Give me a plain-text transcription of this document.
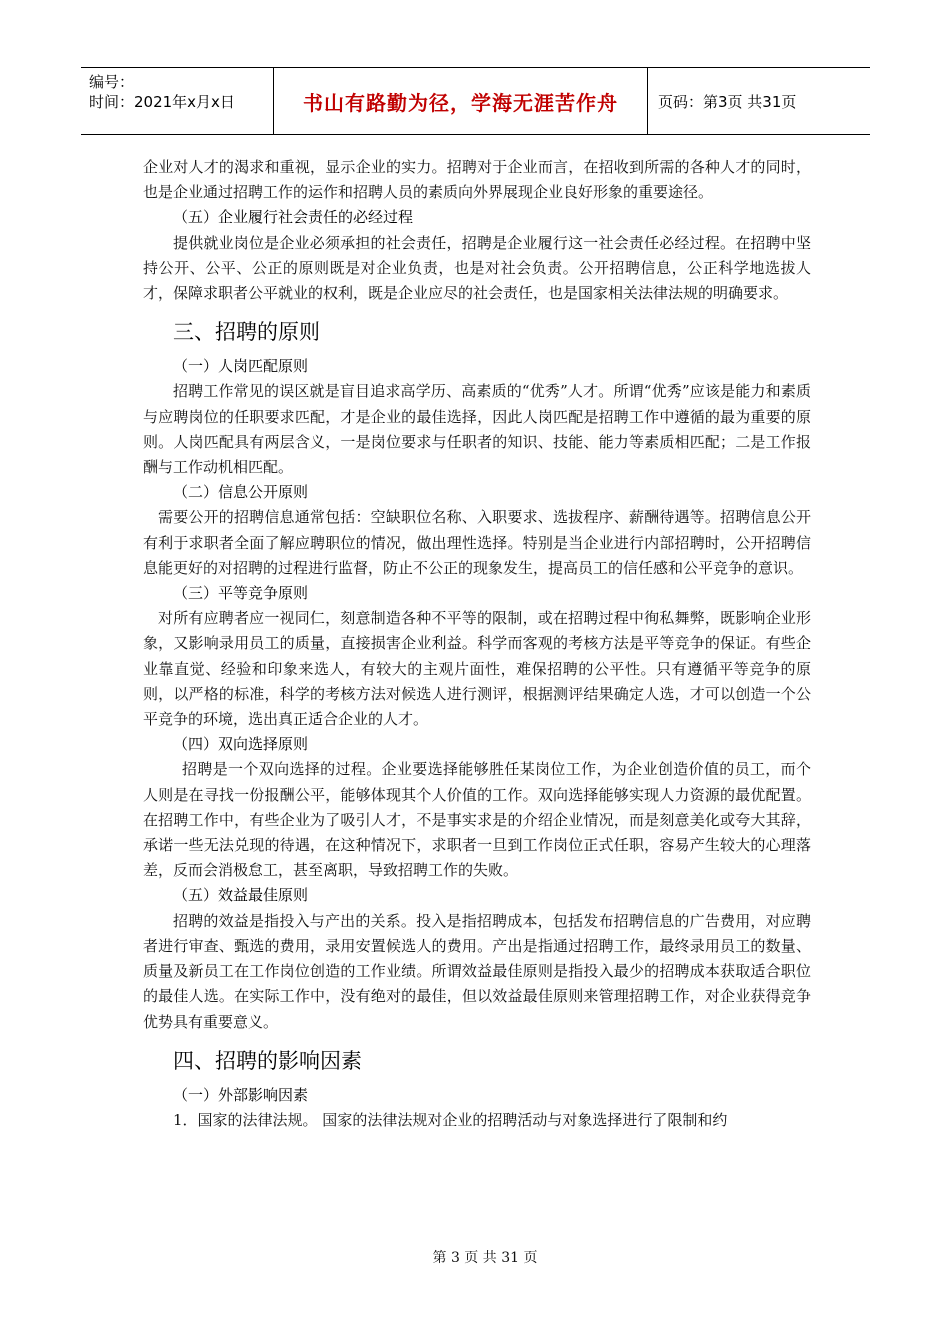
编号：
时间：2021年x月x日	书山有路勤为径，学海无涯苦作舟	页码：第3页 共31页

企业对人才的渴求和重视，显示企业的实力。招聘对于企业而言，在招收到所需的各种人才的同时，也是企业通过招聘工作的运作和招聘人员的素质向外界展现企业良好形象的重要途径。

（五）企业履行社会责任的必经过程

提供就业岗位是企业必须承担的社会责任，招聘是企业履行这一社会责任必经过程。在招聘中坚持公开、公平、公正的原则既是对企业负责，也是对社会负责。公开招聘信息，公正科学地选拔人才，保障求职者公平就业的权利，既是企业应尽的社会责任，也是国家相关法律法规的明确要求。

三、招聘的原则
（一）人岗匹配原则

招聘工作常见的误区就是盲目追求高学历、高素质的“优秀”人才。所谓“优秀”应该是能力和素质与应聘岗位的任职要求匹配，才是企业的最佳选择，因此人岗匹配是招聘工作中遵循的最为重要的原则。人岗匹配具有两层含义，一是岗位要求与任职者的知识、技能、能力等素质相匹配；二是工作报酬与工作动机相匹配。

（二）信息公开原则

需要公开的招聘信息通常包括：空缺职位名称、入职要求、选拔程序、薪酬待遇等。招聘信息公开有利于求职者全面了解应聘职位的情况，做出理性选择。特别是当企业进行内部招聘时，公开招聘信息能更好的对招聘的过程进行监督，防止不公正的现象发生，提高员工的信任感和公平竞争的意识。

（三）平等竞争原则

对所有应聘者应一视同仁，刻意制造各种不平等的限制，或在招聘过程中徇私舞弊，既影响企业形象，又影响录用员工的质量，直接损害企业利益。科学而客观的考核方法是平等竞争的保证。有些企业靠直觉、经验和印象来选人，有较大的主观片面性，难保招聘的公平性。只有遵循平等竞争的原则，以严格的标准，科学的考核方法对候选人进行测评，根据测评结果确定人选，才可以创造一个公平竞争的环境，选出真正适合企业的人才。

（四）双向选择原则

招聘是一个双向选择的过程。企业要选择能够胜任某岗位工作，为企业创造价值的员工，而个人则是在寻找一份报酬公平，能够体现其个人价值的工作。双向选择能够实现人力资源的最优配置。在招聘工作中，有些企业为了吸引人才，不是事实求是的介绍企业情况，而是刻意美化或夸大其辞，承诺一些无法兑现的待遇，在这种情况下，求职者一旦到工作岗位正式任职，容易产生较大的心理落差，反而会消极怠工，甚至离职，导致招聘工作的失败。

（五）效益最佳原则

招聘的效益是指投入与产出的关系。投入是指招聘成本，包括发布招聘信息的广告费用，对应聘者进行审查、甄选的费用，录用安置候选人的费用。产出是指通过招聘工作，最终录用员工的数量、质量及新员工在工作岗位创造的工作业绩。所谓效益最佳原则是指投入最少的招聘成本获取适合职位的最佳人选。在实际工作中，没有绝对的最佳，但以效益最佳原则来管理招聘工作，对企业获得竞争优势具有重要意义。

四、招聘的影响因素
（一）外部影响因素

1．国家的法律法规。 国家的法律法规对企业的招聘活动与对象选择进行了限制和约

第 3 页 共 31 页
